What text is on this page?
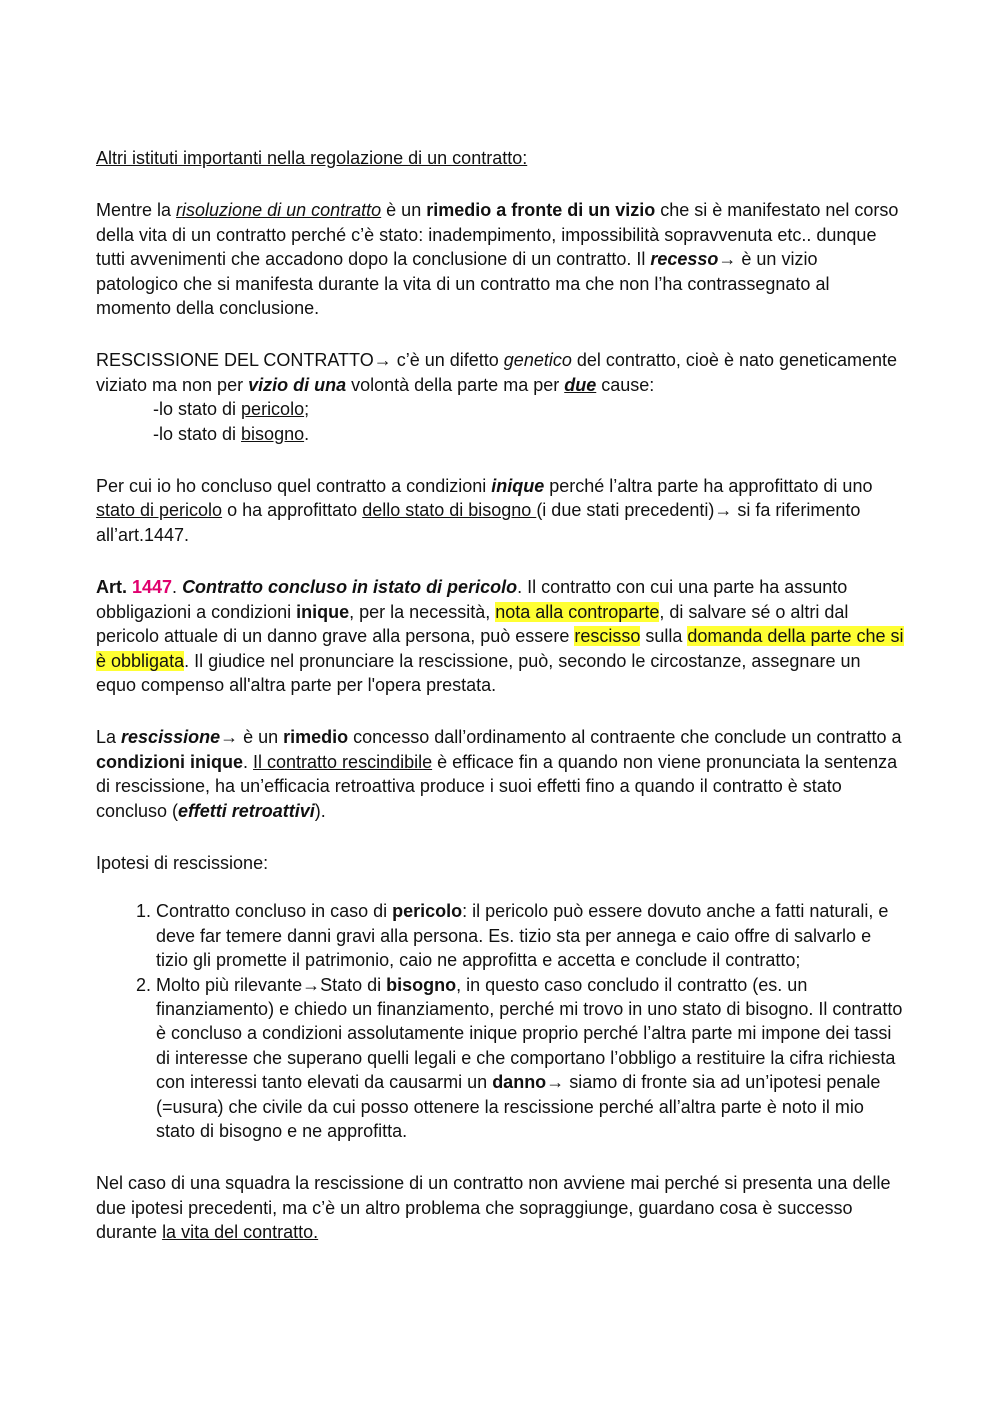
Altri istituti importanti nella regolazione di un contratto:

Mentre la risoluzione di un contratto è un rimedio a fronte di un vizio che si è manifestato nel corso della vita di un contratto perché c’è stato: inadempimento, impossibilità sopravvenuta etc.. dunque tutti avvenimenti che accadono dopo la conclusione di un contratto. Il recesso→ è un vizio patologico che si manifesta durante la vita di un contratto ma che non l’ha contrassegnato al momento della conclusione.

RESCISSIONE DEL CONTRATTO→ c’è un difetto genetico del contratto, cioè è nato geneticamente viziato ma non per vizio di una volontà della parte ma per due cause:

-lo stato di pericolo;

-lo stato di bisogno.

Per cui io ho concluso quel contratto a condizioni inique perché l’altra parte ha approfittato di uno stato di pericolo o ha approfittato dello stato di bisogno (i due stati precedenti)→ si fa riferimento all’art.1447.

Art. 1447. Contratto concluso in istato di pericolo. Il contratto con cui una parte ha assunto obbligazioni a condizioni inique, per la necessità, nota alla controparte, di salvare sé o altri dal pericolo attuale di un danno grave alla persona, può essere rescisso sulla domanda della parte che si è obbligata. Il giudice nel pronunciare la rescissione, può, secondo le circostanze, assegnare un equo compenso all'altra parte per l'opera prestata.

La rescissione→ è un rimedio concesso dall’ordinamento al contraente che conclude un contratto a condizioni inique. Il contratto rescindibile è efficace fin a quando non viene pronunciata la sentenza di rescissione, ha un’efficacia retroattiva produce i suoi effetti fino a quando il contratto è stato concluso (effetti retroattivi).

Ipotesi di rescissione:

1. Contratto concluso in caso di pericolo: il pericolo può essere dovuto anche a fatti naturali, e deve far temere danni gravi alla persona. Es. tizio sta per annega e caio offre di salvarlo e tizio gli promette il patrimonio, caio ne approfitta e accetta e conclude il contratto;
2. Molto più rilevante→Stato di bisogno, in questo caso concludo il contratto (es. un finanziamento) e chiedo un finanziamento, perché mi trovo in uno stato di bisogno. Il contratto è concluso a condizioni assolutamente inique proprio perché l’altra parte mi impone dei tassi di interesse che superano quelli legali e che comportano l’obbligo a restituire la cifra richiesta con interessi tanto elevati da causarmi un danno→ siamo di fronte sia ad un’ipotesi penale (=usura) che civile da cui posso ottenere la rescissione perché all’altra parte è noto il mio stato di bisogno e ne approfitta.

Nel caso di una squadra la rescissione di un contratto non avviene mai perché si presenta una delle due ipotesi precedenti, ma c’è un altro problema che sopraggiunge, guardano cosa è successo durante la vita del contratto.
